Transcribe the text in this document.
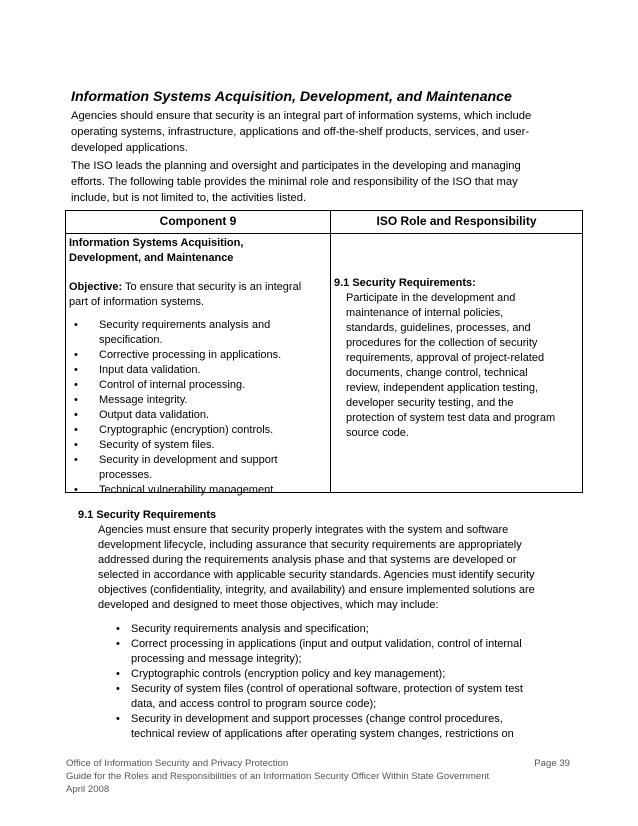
Information Systems Acquisition, Development, and Maintenance
Agencies should ensure that security is an integral part of information systems, which include
operating systems, infrastructure, applications and off-the-shelf products, services, and user-
developed applications.
The ISO leads the planning and oversight and participates in the developing and managing
efforts. The following table provides the minimal role and responsibility of the ISO that may
include, but is not limited to, the activities listed.
Component 9	ISO Role and Responsibility
Information Systems Acquisition,
Development, and Maintenance
Objective: To ensure that security is an integral
part of information systems.
• Security requirements analysis and
specification.
• Corrective processing in applications.
• Input data validation.
• Control of internal processing.
• Message integrity.
• Output data validation.
• Cryptographic (encryption) controls.
• Security of system files.
• Security in development and support
processes.
• Technical vulnerability management.
9.1 Security Requirements:
Participate in the development and
maintenance of internal policies,
standards, guidelines, processes, and
procedures for the collection of security
requirements, approval of project-related
documents, change control, technical
review, independent application testing,
developer security testing, and the
protection of system test data and program
source code.
9.1 Security Requirements
Agencies must ensure that security properly integrates with the system and software
development lifecycle, including assurance that security requirements are appropriately
addressed during the requirements analysis phase and that systems are developed or
selected in accordance with applicable security standards. Agencies must identify security
objectives (confidentiality, integrity, and availability) and ensure implemented solutions are
developed and designed to meet those objectives, which may include:
• Security requirements analysis and specification;
• Correct processing in applications (input and output validation, control of internal
processing and message integrity);
• Cryptographic controls (encryption policy and key management);
• Security of system files (control of operational software, protection of system test
data, and access control to program source code);
• Security in development and support processes (change control procedures,
technical review of applications after operating system changes, restrictions on
Office of Information Security and Privacy Protection	Page 39
Guide for the Roles and Responsibilities of an Information Security Officer Within State Government
April 2008
